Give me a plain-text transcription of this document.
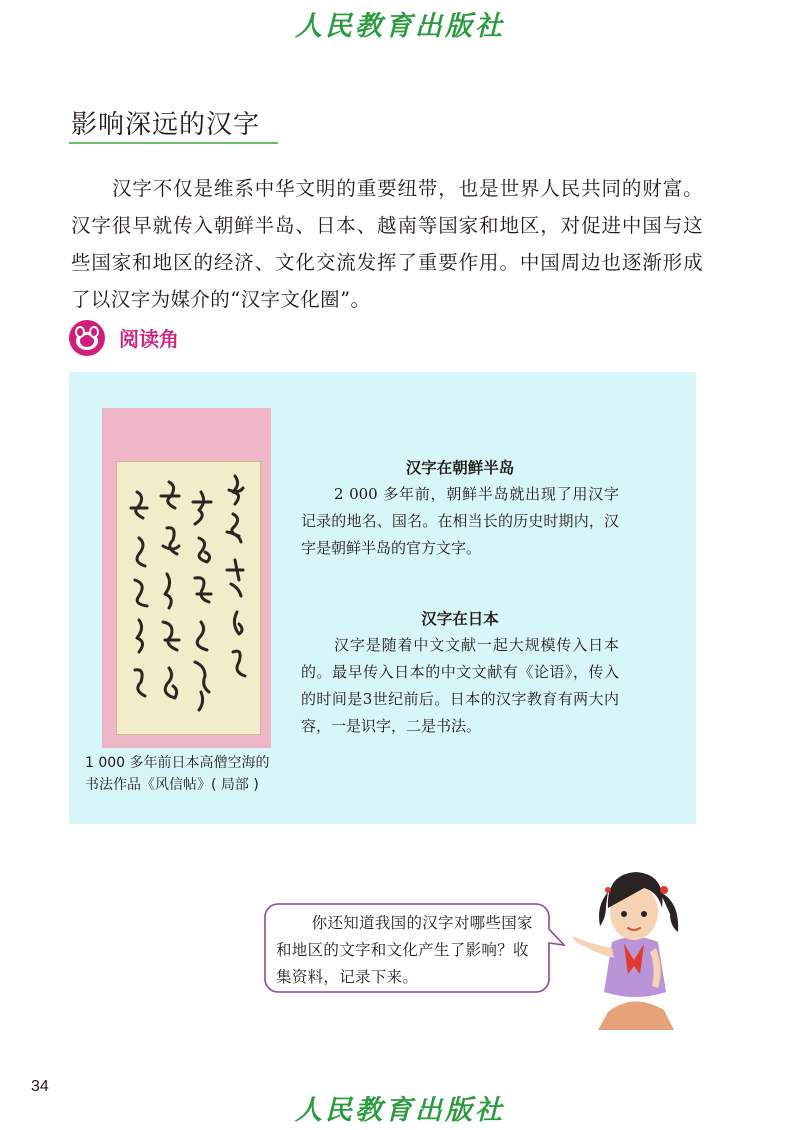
人民教育出版社
影响深远的汉字

汉字不仅是维系中华文明的重要纽带，也是世界人民共同的财富。汉字很早就传入朝鲜半岛、日本、越南等国家和地区，对促进中国与这些国家和地区的经济、文化交流发挥了重要作用。中国周边也逐渐形成了以汉字为媒介的“汉字文化圈”。

阅读角
1 000 多年前日本高僧空海的
书法作品《风信帖》( 局部 )
汉字在朝鲜半岛

2 000 多年前，朝鲜半岛就出现了用汉字记录的地名、国名。在相当长的历史时期内，汉字是朝鲜半岛的官方文字。

汉字在日本

汉字是随着中文文献一起大规模传入日本的。最早传入日本的中文文献有《论语》，传入的时间是3世纪前后。日本的汉字教育有两大内容，一是识字，二是书法。

你还知道我国的汉字对哪些国家和地区的文字和文化产生了影响？收集资料，记录下来。

34
人民教育出版社
